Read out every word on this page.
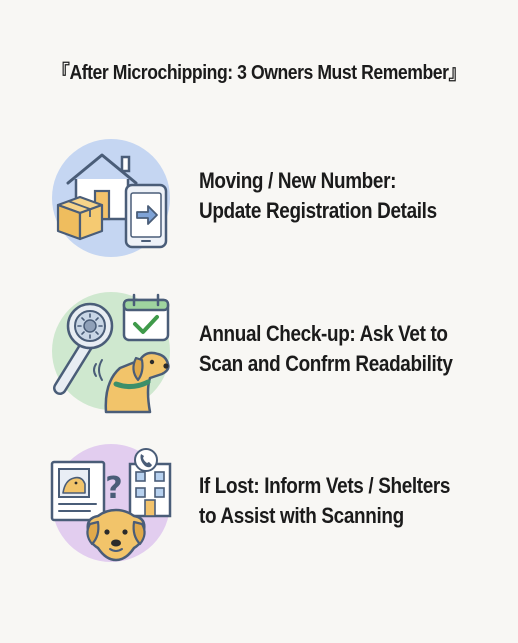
『After Microchipping: 3 Owners Must Remember』
Moving / New Number:
Update Registration Details
Annual Check-up: Ask Vet to
Scan and Confrm Readability
?	If Lost: Inform Vets / Shelters
to Assist with Scanning
